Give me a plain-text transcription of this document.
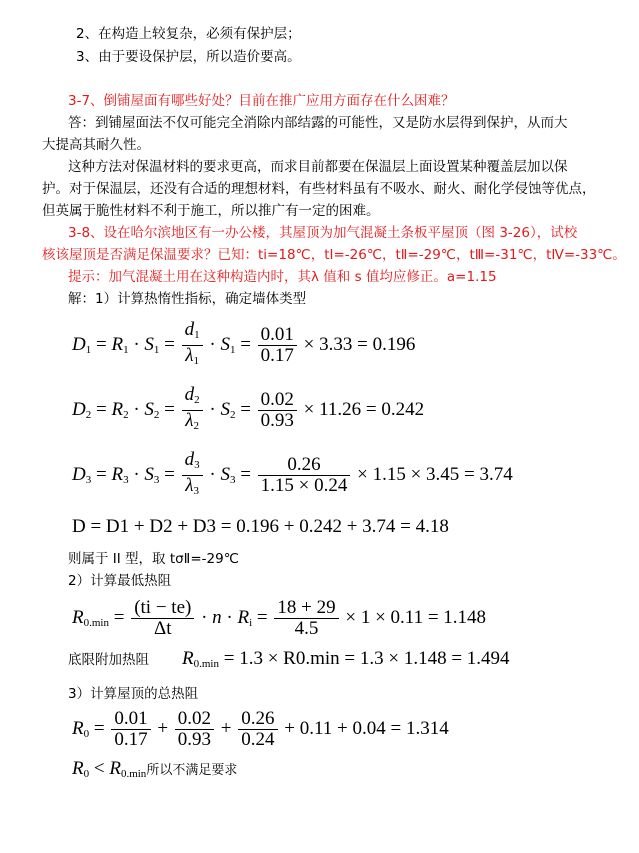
2、在构造上较复杂，必须有保护层；
3、由于要设保护层，所以造价要高。
3-7、倒铺屋面有哪些好处？目前在推广应用方面存在什么困难？
答：到铺屋面法不仅可能完全消除内部结露的可能性，又是防水层得到保护，从而大
大提高其耐久性。
这种方法对保温材料的要求更高，而求目前都要在保温层上面设置某种覆盖层加以保
护。对于保温层，还没有合适的理想材料，有些材料虽有不吸水、耐火、耐化学侵蚀等优点，
但英属于脆性材料不利于施工，所以推广有一定的困难。
3-8、设在哈尔滨地区有一办公楼，其屋顶为加气混凝土条板平屋顶（图 3-26），试校
核该屋顶是否满足保温要求？已知：ti=18℃，tⅠ=-26℃，tⅡ=-29℃，tⅢ=-31℃，tⅣ=-33℃。
提示：加气混凝土用在这种构造内时，其λ 值和 s 值均应修正。a=1.15
解：1）计算热惰性指标，确定墙体类型
$D_1 = R_1 \cdot S_1 = \frac{d_1}{\lambda_1} \cdot S_1 = \frac{0.01}{0.17} \times 3.33 = 0.196$
$D_2 = R_2 \cdot S_2 = \frac{d_2}{\lambda_2} \cdot S_2 = \frac{0.02}{0.93} \times 11.26 = 0.242$
$D_3 = R_3 \cdot S_3 = \frac{d_3}{\lambda_3} \cdot S_3 = \frac{0.26}{1.15 \times 0.24} \times 1.15 \times 3.45 = 3.74$
D = D1 + D2 + D3 = 0.196 + 0.242 + 3.74 = 4.18
则属于 II 型，取 tσⅡ=-29℃
2）计算最低热阻
$R_{0.min} = \frac{(ti - te)}{\Delta t} \cdot n \cdot R_i = \frac{18 + 29}{4.5} \times 1 \times 0.11 = 1.148$
底限附加热阻 $R_{0.min} = 1.3 \times R0.\min = 1.3 \times 1.148 = 1.494$
3）计算屋顶的总热阻
$R_0 = \frac{0.01}{0.17} + \frac{0.02}{0.93} + \frac{0.26}{0.24} + 0.11 + 0.04 = 1.314$
$R_0 < R_{0.min}$所以不满足要求
